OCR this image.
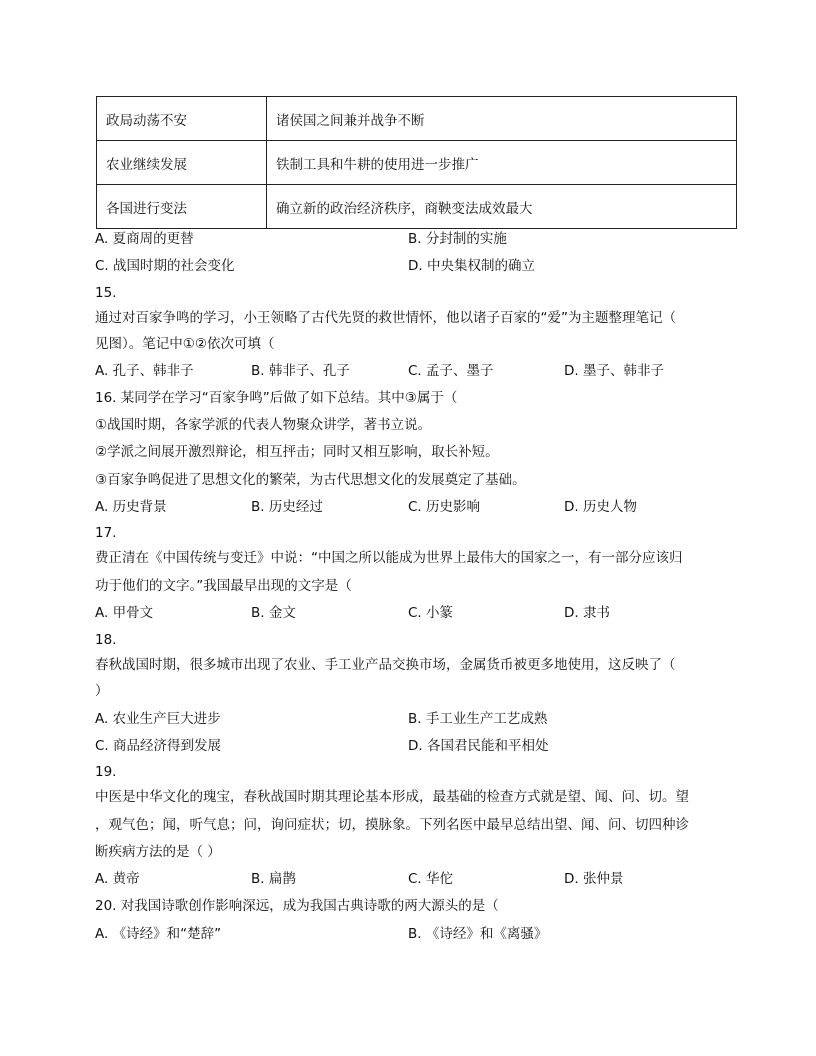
政局动荡不安	诸侯国之间兼并战争不断
农业继续发展	铁制工具和牛耕的使用进一步推广
各国进行变法	确立新的政治经济秩序，商鞅变法成效最大
A. 夏商周的更替	B. 分封制的实施
C. 战国时期的社会变化	D. 中央集权制的确立
15.
通过对百家争鸣的学习，小王领略了古代先贤的救世情怀，他以诸子百家的“爱”为主题整理笔记（
见图）。笔记中①②依次可填（
A. 孔子、韩非子	B. 韩非子、孔子	C. 孟子、墨子	D. 墨子、韩非子
16. 某同学在学习“百家争鸣”后做了如下总结。其中③属于（
①战国时期，各家学派的代表人物聚众讲学，著书立说。
②学派之间展开激烈辩论，相互抨击；同时又相互影响，取长补短。
③百家争鸣促进了思想文化的繁荣，为古代思想文化的发展奠定了基础。
A. 历史背景	B. 历史经过	C. 历史影响	D. 历史人物
17.
费正清在《中国传统与变迁》中说：“中国之所以能成为世界上最伟大的国家之一，有一部分应该归
功于他们的文字。”我国最早出现的文字是（
A. 甲骨文	B. 金文	C. 小篆	D. 隶书
18.
春秋战国时期，很多城市出现了农业、手工业产品交换市场，金属货币被更多地使用，这反映了（
）
A. 农业生产巨大进步	B. 手工业生产工艺成熟
C. 商品经济得到发展	D. 各国君民能和平相处
19.
中医是中华文化的瑰宝，春秋战国时期其理论基本形成，最基础的检查方式就是望、闻、问、切。望
，观气色；闻，听气息；问，询问症状；切，摸脉象。下列名医中最早总结出望、闻、问、切四种诊
断疾病方法的是（ ）
A. 黄帝	B. 扁鹊	C. 华佗	D. 张仲景
20. 对我国诗歌创作影响深远，成为我国古典诗歌的两大源头的是（
A. 《诗经》和“楚辞”	B. 《诗经》和《离骚》
